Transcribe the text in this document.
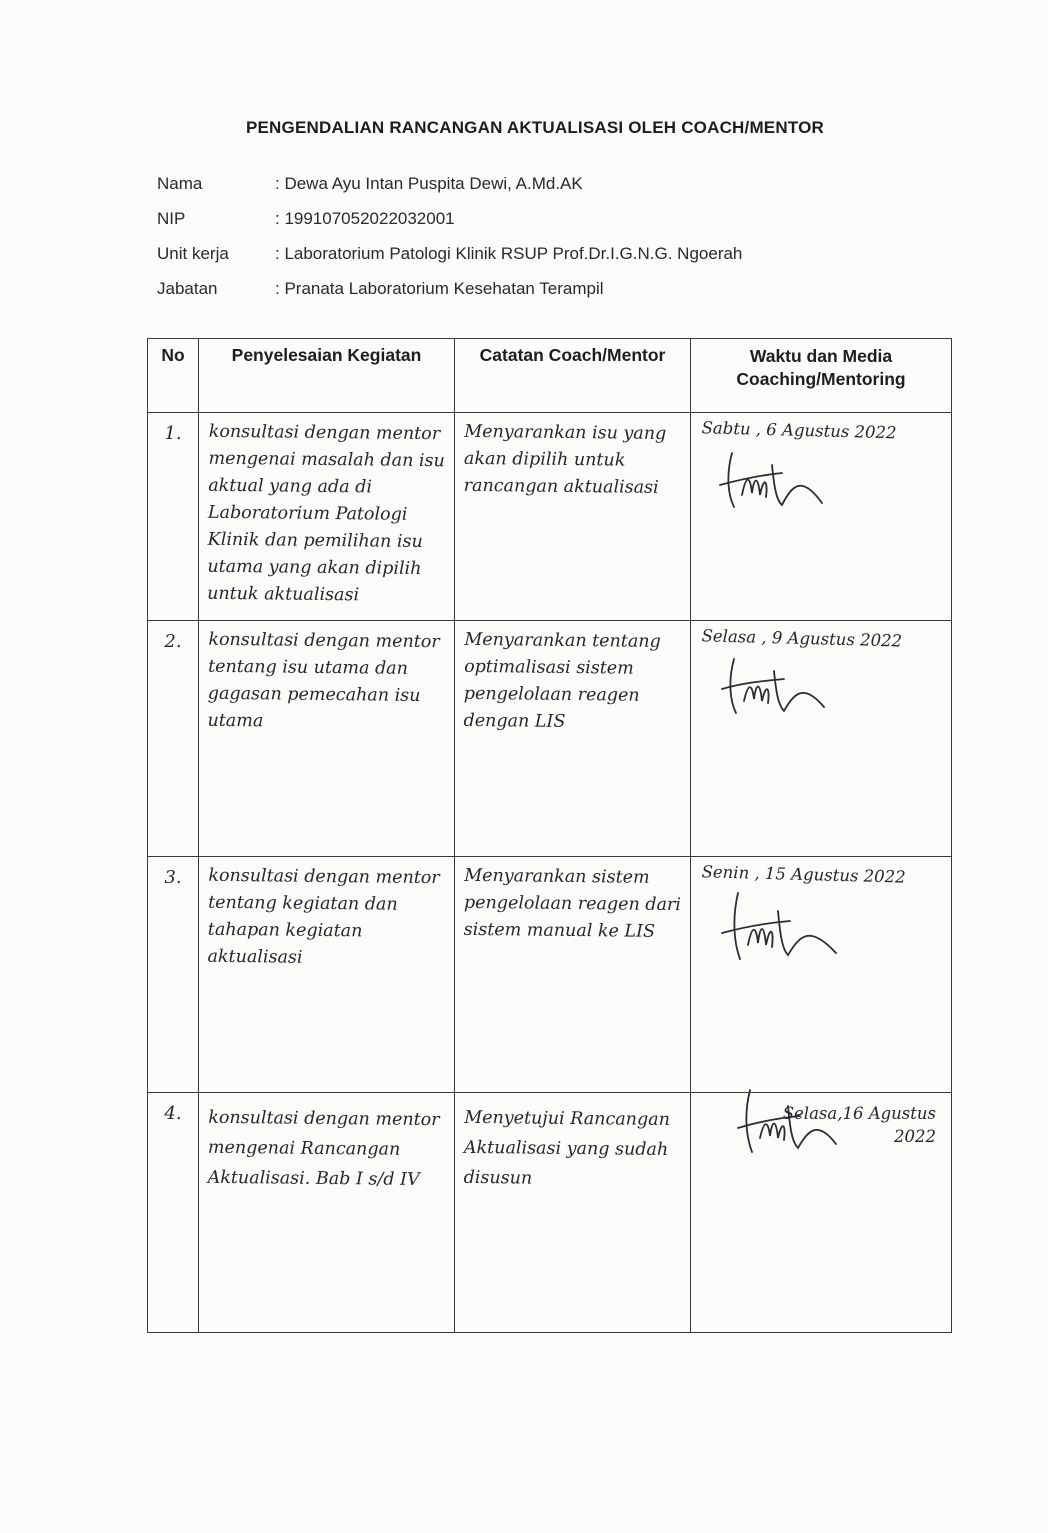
PENGENDALIAN RANCANGAN AKTUALISASI OLEH COACH/MENTOR
Nama	: Dewa Ayu Intan Puspita Dewi, A.Md.AK
NIP	: 199107052022032001
Unit kerja	: Laboratorium Patologi Klinik RSUP Prof.Dr.I.G.N.G. Ngoerah
Jabatan	: Pranata Laboratorium Kesehatan Terampil
No	Penyelesaian Kegiatan	Catatan Coach/Mentor	Waktu dan Media
Coaching/Mentoring

1.	konsultasi dengan mentor mengenai masalah dan isu aktual yang ada di Laboratorium Patologi Klinik dan pemilihan isu utama yang akan dipilih untuk aktualisasi	Menyarankan isu yang akan dipilih untuk rancangan aktualisasi	Sabtu , 6 Agustus 2022

2.	konsultasi dengan mentor tentang isu utama dan gagasan pemecahan isu utama	Menyarankan tentang optimalisasi sistem pengelolaan reagen dengan LIS	Selasa , 9 Agustus 2022

3.	konsultasi dengan mentor tentang kegiatan dan tahapan kegiatan aktualisasi	Menyarankan sistem pengelolaan reagen dari sistem manual ke LIS	Senin , 15 Agustus 2022

4.	konsultasi dengan mentor mengenai Rancangan Aktualisasi. Bab I s/d IV	Menyetujui Rancangan Aktualisasi yang sudah disusun	Selasa,16 Agustus
2022
